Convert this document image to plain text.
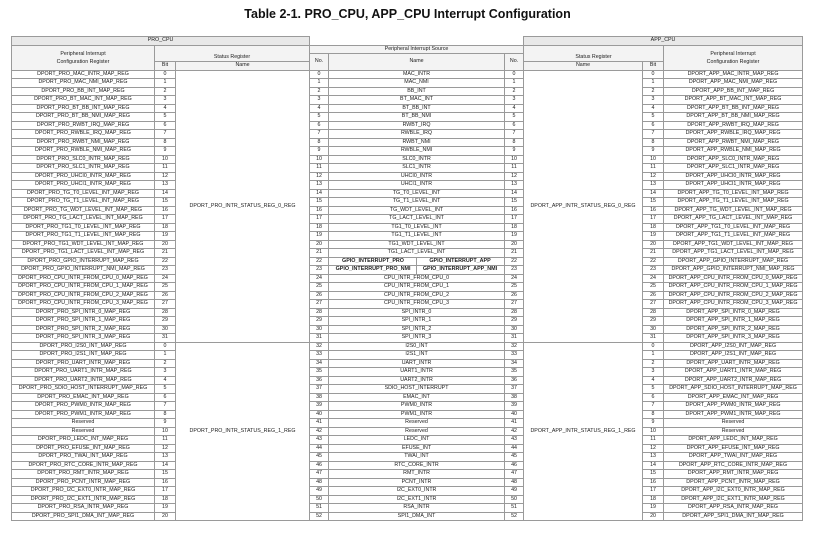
Table 2-1. PRO_CPU, APP_CPU Interrupt Configuration
PRO_CPU						APP_CPU		
Peripheral Interrupt
Configuration Register			Peripheral Interrupt Source					Peripheral Interrupt
Configuration Register
	Status Register		No.	Name	No.	Status Register		
	Bit	Name				Name	Bit	
DPORT_PRO_MAC_INTR_MAP_REG	0	DPORT_PRO_INTR_STATUS_REG_0_REG	0	MAC_INTR	0	DPORT_APP_INTR_STATUS_REG_0_REG	0	DPORT_APP_MAC_INTR_MAP_REG
DPORT_PRO_MAC_NMI_MAP_REG	1		1	MAC_NMI	1		1	DPORT_APP_MAC_NMI_MAP_REG
DPORT_PRO_BB_INT_MAP_REG	2		2	BB_INT	2		2	DPORT_APP_BB_INT_MAP_REG
DPORT_PRO_BT_MAC_INT_MAP_REG	3		3	BT_MAC_INT	3		3	DPORT_APP_BT_MAC_INT_MAP_REG
DPORT_PRO_BT_BB_INT_MAP_REG	4		4	BT_BB_INT	4		4	DPORT_APP_BT_BB_INT_MAP_REG
DPORT_PRO_BT_BB_NMI_MAP_REG	5		5	BT_BB_NMI	5		5	DPORT_APP_BT_BB_NMI_MAP_REG
DPORT_PRO_RWBT_IRQ_MAP_REG	6		6	RWBT_IRQ	6		6	DPORT_APP_RWBT_IRQ_MAP_REG
DPORT_PRO_RWBLE_IRQ_MAP_REG	7		7	RWBLE_IRQ	7		7	DPORT_APP_RWBLE_IRQ_MAP_REG
DPORT_PRO_RWBT_NMI_MAP_REG	8		8	RWBT_NMI	8		8	DPORT_APP_RWBT_NMI_MAP_REG
DPORT_PRO_RWBLE_NMI_MAP_REG	9		9	RWBLE_NMI	9		9	DPORT_APP_RWBLE_NMI_MAP_REG
DPORT_PRO_SLC0_INTR_MAP_REG	10		10	SLC0_INTR	10		10	DPORT_APP_SLC0_INTR_MAP_REG
DPORT_PRO_SLC1_INTR_MAP_REG	11		11	SLC1_INTR	11		11	DPORT_APP_SLC1_INTR_MAP_REG
DPORT_PRO_UHCI0_INTR_MAP_REG	12		12	UHCI0_INTR	12		12	DPORT_APP_UHCI0_INTR_MAP_REG
DPORT_PRO_UHCI1_INTR_MAP_REG	13		13	UHCI1_INTR	13		13	DPORT_APP_UHCI1_INTR_MAP_REG
DPORT_PRO_TG_T0_LEVEL_INT_MAP_REG	14		14	TG_T0_LEVEL_INT	14		14	DPORT_APP_TG_T0_LEVEL_INT_MAP_REG
DPORT_PRO_TG_T1_LEVEL_INT_MAP_REG	15		15	TG_T1_LEVEL_INT	15		15	DPORT_APP_TG_T1_LEVEL_INT_MAP_REG
DPORT_PRO_TG_WDT_LEVEL_INT_MAP_REG	16		16	TG_WDT_LEVEL_INT	16		16	DPORT_APP_TG_WDT_LEVEL_INT_MAP_REG
DPORT_PRO_TG_LACT_LEVEL_INT_MAP_REG	17		17	TG_LACT_LEVEL_INT	17		17	DPORT_APP_TG_LACT_LEVEL_INT_MAP_REG
DPORT_PRO_TG1_T0_LEVEL_INT_MAP_REG	18		18	TG1_T0_LEVEL_INT	18		18	DPORT_APP_TG1_T0_LEVEL_INT_MAP_REG
DPORT_PRO_TG1_T1_LEVEL_INT_MAP_REG	19		19	TG1_T1_LEVEL_INT	19		19	DPORT_APP_TG1_T1_LEVEL_INT_MAP_REG
DPORT_PRO_TG1_WDT_LEVEL_INT_MAP_REG	20		20	TG1_WDT_LEVEL_INT	20		20	DPORT_APP_TG1_WDT_LEVEL_INT_MAP_REG
DPORT_PRO_TG1_LACT_LEVEL_INT_MAP_REG	21		21	TG1_LACT_LEVEL_INT	21		21	DPORT_APP_TG1_LACT_LEVEL_INT_MAP_REG
DPORT_PRO_GPIO_INTERRUPT_MAP_REG	22		22	GPIO_INTERRUPT_PRO GPIO_INTERRUPT_APP	22		22	DPORT_APP_GPIO_INTERRUPT_MAP_REG
DPORT_PRO_GPIO_INTERRUPT_NMI_MAP_REG	23		23	GPIO_INTERRUPT_PRO_NMI GPIO_INTERRUPT_APP_NMI	23		23	DPORT_APP_GPIO_INTERRUPT_NMI_MAP_REG
DPORT_PRO_CPU_INTR_FROM_CPU_0_MAP_REG	24		24	CPU_INTR_FROM_CPU_0	24		24	DPORT_APP_CPU_INTR_FROM_CPU_0_MAP_REG
DPORT_PRO_CPU_INTR_FROM_CPU_1_MAP_REG	25		25	CPU_INTR_FROM_CPU_1	25		25	DPORT_APP_CPU_INTR_FROM_CPU_1_MAP_REG
DPORT_PRO_CPU_INTR_FROM_CPU_2_MAP_REG	26		26	CPU_INTR_FROM_CPU_2	26		26	DPORT_APP_CPU_INTR_FROM_CPU_2_MAP_REG
DPORT_PRO_CPU_INTR_FROM_CPU_3_MAP_REG	27		27	CPU_INTR_FROM_CPU_3	27		27	DPORT_APP_CPU_INTR_FROM_CPU_3_MAP_REG
DPORT_PRO_SPI_INTR_0_MAP_REG	28		28	SPI_INTR_0	28		28	DPORT_APP_SPI_INTR_0_MAP_REG
DPORT_PRO_SPI_INTR_1_MAP_REG	29		29	SPI_INTR_1	29		29	DPORT_APP_SPI_INTR_1_MAP_REG
DPORT_PRO_SPI_INTR_2_MAP_REG	30		30	SPI_INTR_2	30		30	DPORT_APP_SPI_INTR_2_MAP_REG
DPORT_PRO_SPI_INTR_3_MAP_REG	31		31	SPI_INTR_3	31		31	DPORT_APP_SPI_INTR_3_MAP_REG
DPORT_PRO_I2S0_INT_MAP_REG	0	DPORT_PRO_INTR_STATUS_REG_1_REG	32	I2S0_INT	32	DPORT_APP_INTR_STATUS_REG_1_REG	0	DPORT_APP_I2S0_INT_MAP_REG
DPORT_PRO_I2S1_INT_MAP_REG	1		33	I2S1_INT	33		1	DPORT_APP_I2S1_INT_MAP_REG
DPORT_PRO_UART_INTR_MAP_REG	2		34	UART_INTR	34		2	DPORT_APP_UART_INTR_MAP_REG
DPORT_PRO_UART1_INTR_MAP_REG	3		35	UART1_INTR	35		3	DPORT_APP_UART1_INTR_MAP_REG
DPORT_PRO_UART2_INTR_MAP_REG	4		36	UART2_INTR	36		4	DPORT_APP_UART2_INTR_MAP_REG
DPORT_PRO_SDIO_HOST_INTERRUPT_MAP_REG	5		37	SDIO_HOST_INTERRUPT	37		5	DPORT_APP_SDIO_HOST_INTERRUPT_MAP_REG
DPORT_PRO_EMAC_INT_MAP_REG	6		38	EMAC_INT	38		6	DPORT_APP_EMAC_INT_MAP_REG
DPORT_PRO_PWM0_INTR_MAP_REG	7		39	PWM0_INTR	39		7	DPORT_APP_PWM0_INTR_MAP_REG
DPORT_PRO_PWM1_INTR_MAP_REG	8		40	PWM1_INTR	40		8	DPORT_APP_PWM1_INTR_MAP_REG
Reserved	9		41	Reserved	41		9	Reserved
Reserved	10		42	Reserved	42		10	Reserved
DPORT_PRO_LEDC_INT_MAP_REG	11		43	LEDC_INT	43		11	DPORT_APP_LEDC_INT_MAP_REG
DPORT_PRO_EFUSE_INT_MAP_REG	12		44	EFUSE_INT	44		12	DPORT_APP_EFUSE_INT_MAP_REG
DPORT_PRO_TWAI_INT_MAP_REG	13		45	TWAI_INT	45		13	DPORT_APP_TWAI_INT_MAP_REG
DPORT_PRO_RTC_CORE_INTR_MAP_REG	14		46	RTC_CORE_INTR	46		14	DPORT_APP_RTC_CORE_INTR_MAP_REG
DPORT_PRO_RMT_INTR_MAP_REG	15		47	RMT_INTR	47		15	DPORT_APP_RMT_INTR_MAP_REG
DPORT_PRO_PCNT_INTR_MAP_REG	16		48	PCNT_INTR	48		16	DPORT_APP_PCNT_INTR_MAP_REG
DPORT_PRO_I2C_EXT0_INTR_MAP_REG	17		49	I2C_EXT0_INTR	49		17	DPORT_APP_I2C_EXT0_INTR_MAP_REG
DPORT_PRO_I2C_EXT1_INTR_MAP_REG	18		50	I2C_EXT1_INTR	50		18	DPORT_APP_I2C_EXT1_INTR_MAP_REG
DPORT_PRO_RSA_INTR_MAP_REG	19		51	RSA_INTR	51		19	DPORT_APP_RSA_INTR_MAP_REG
DPORT_PRO_SPI1_DMA_INT_MAP_REG	20		52	SPI1_DMA_INT	52		20	DPORT_APP_SPI1_DMA_INT_MAP_REG
